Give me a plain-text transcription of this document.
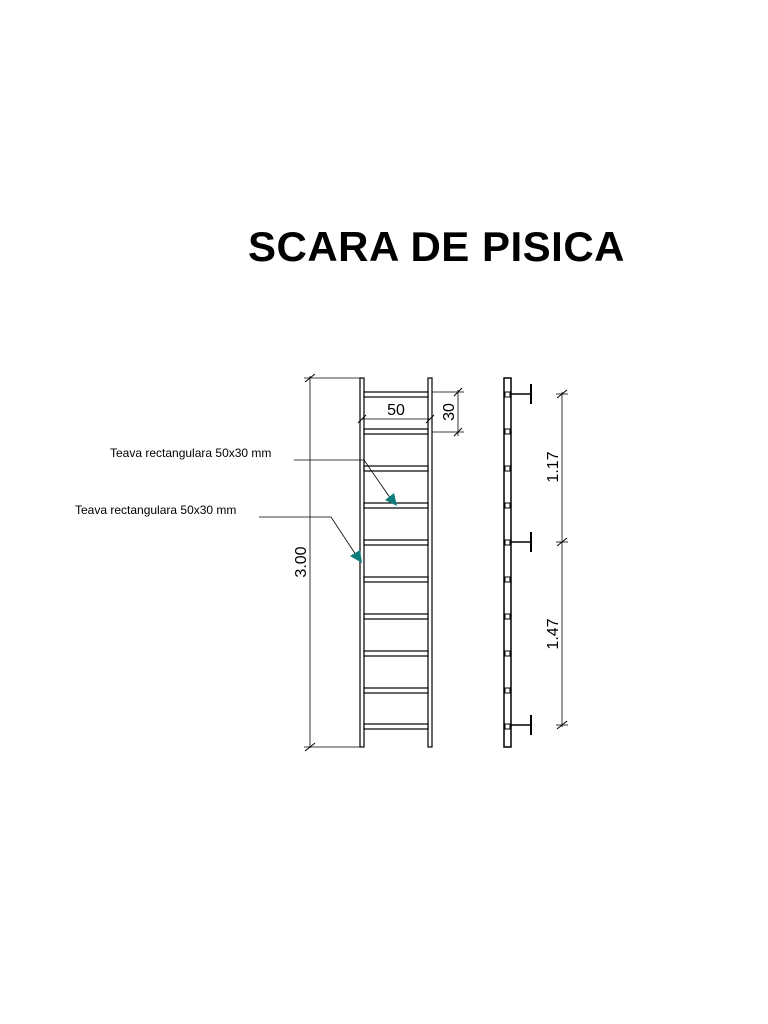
SCARA DE PISICA
3.00
50 30
1.17
1.47
Teava rectangulara 50x30 mm
Teava rectangulara 50x30 mm
